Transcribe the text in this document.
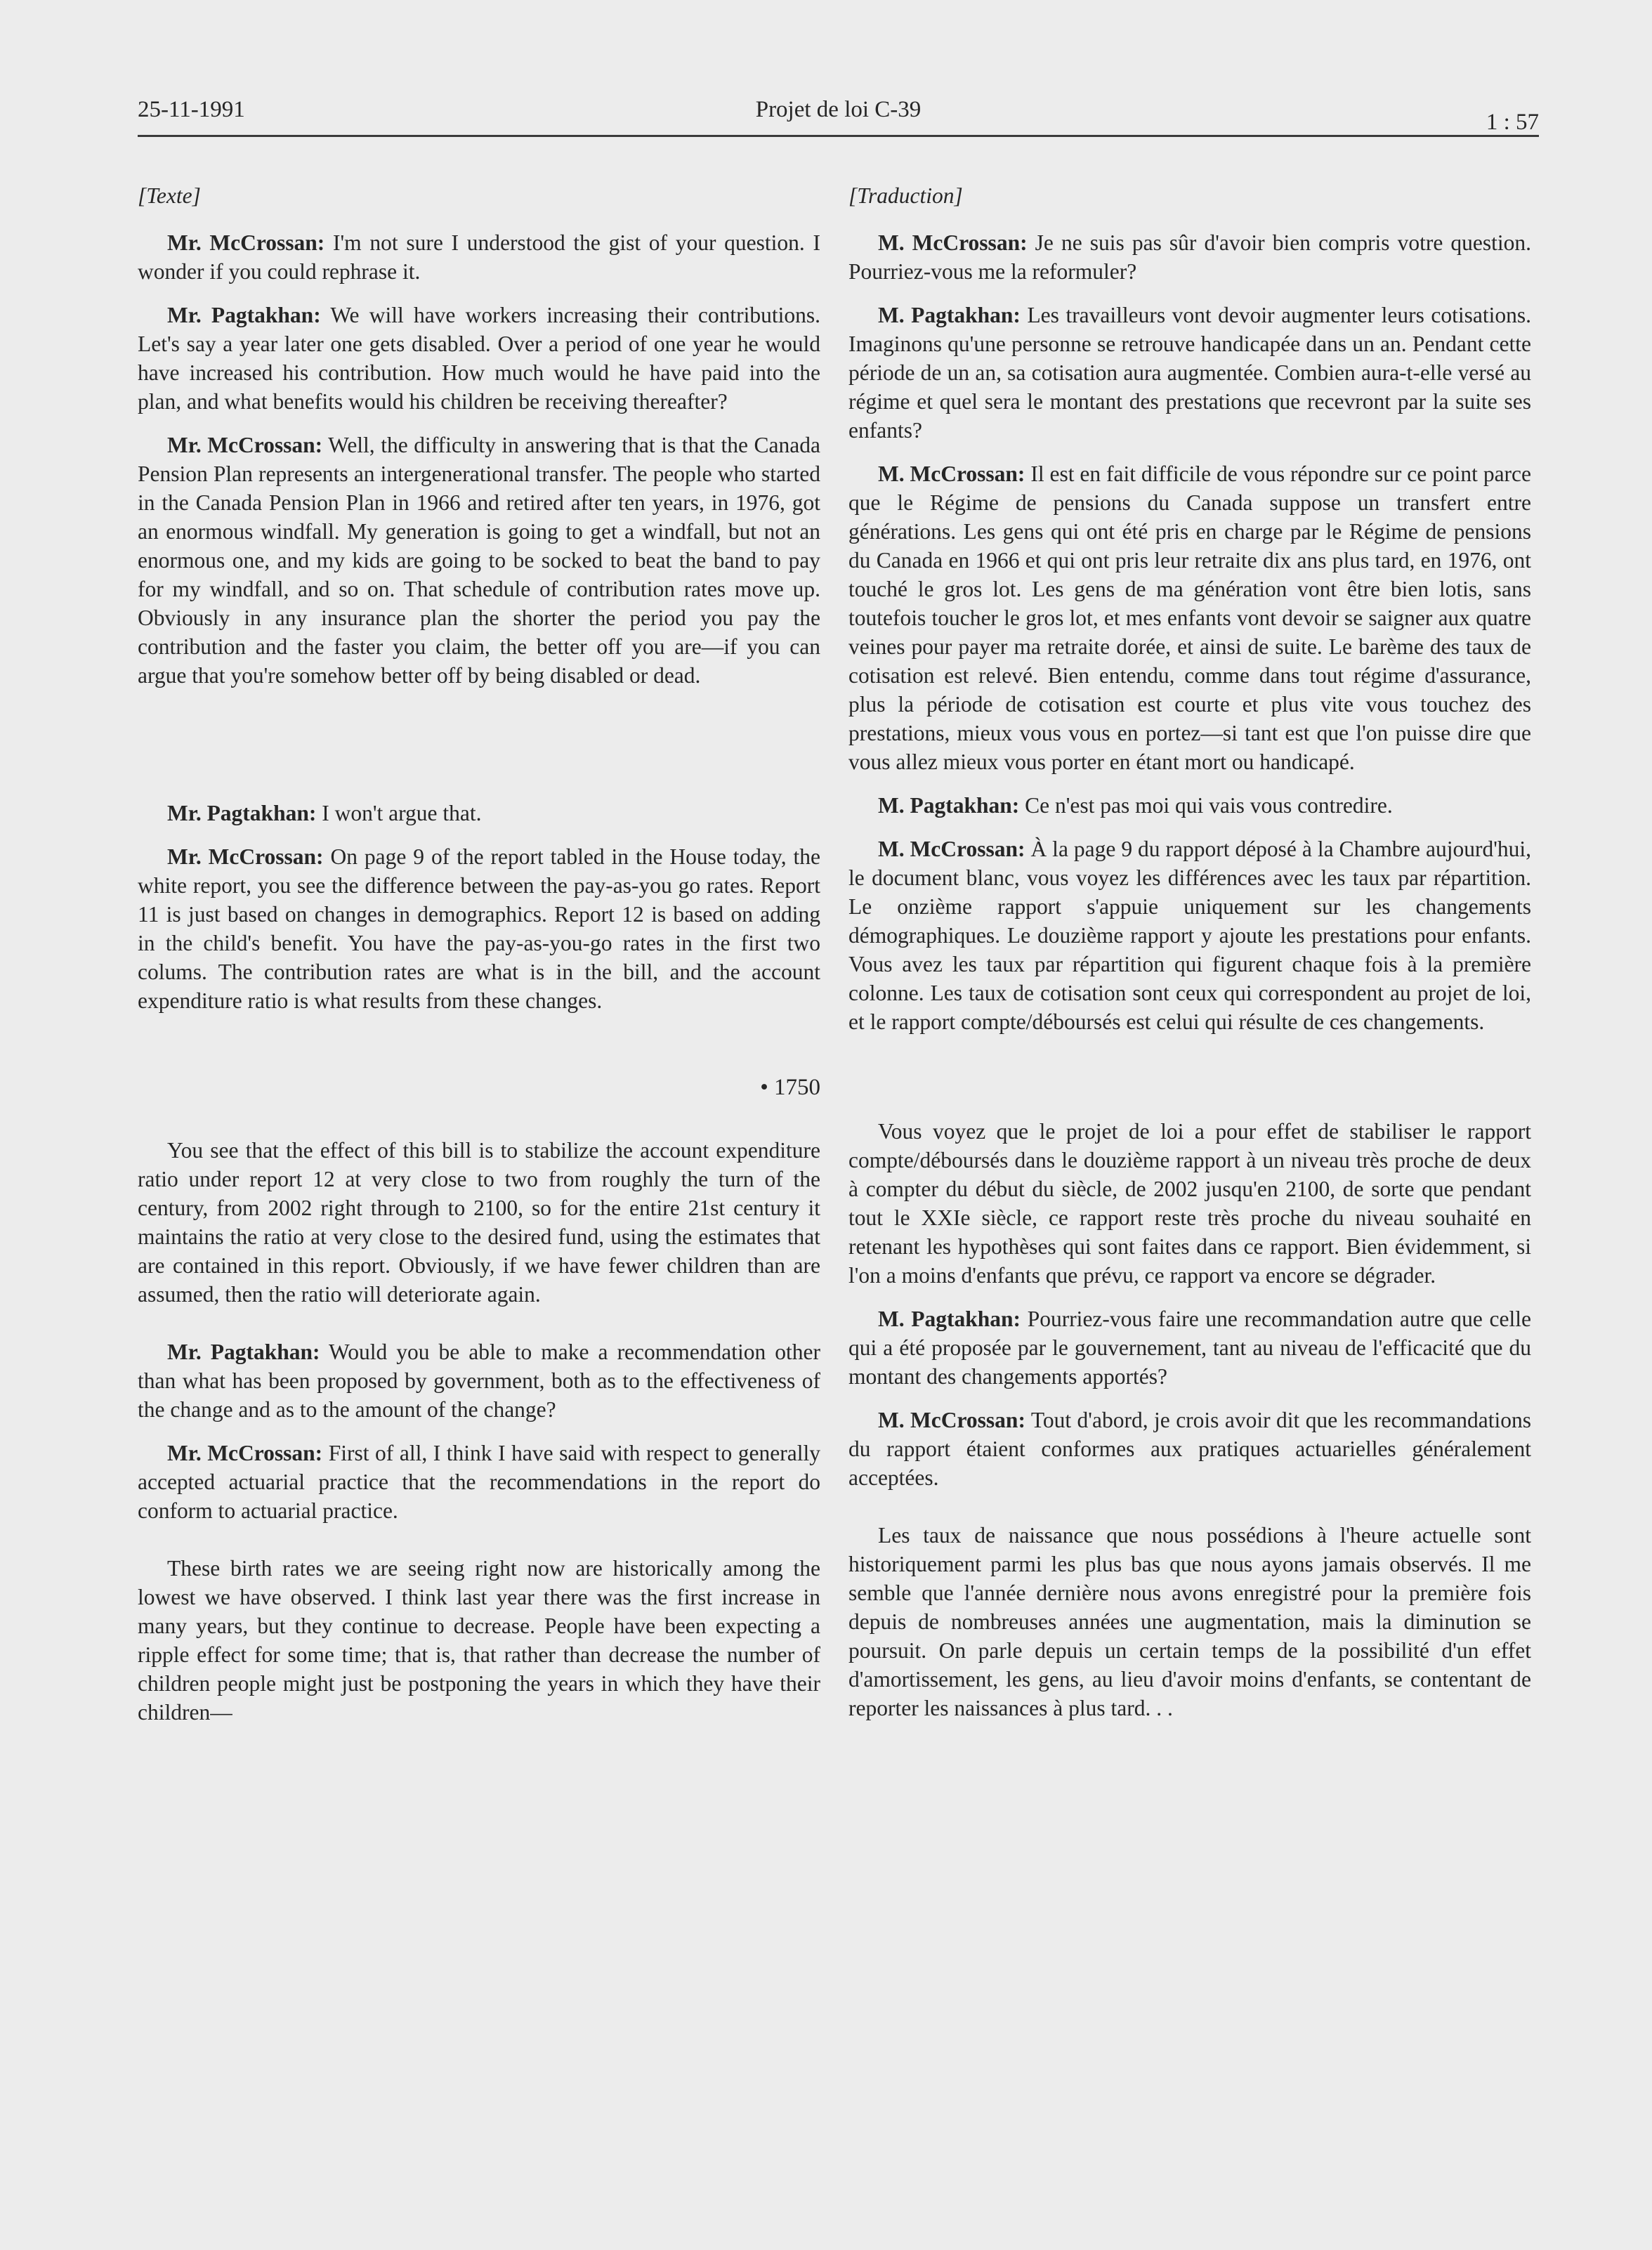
25-11-1991	Projet de loi C-39	1 : 57
[Texte]

Mr. McCrossan: I'm not sure I understood the gist of your question. I wonder if you could rephrase it.

Mr. Pagtakhan: We will have workers increasing their contributions. Let's say a year later one gets disabled. Over a period of one year he would have increased his contribution. How much would he have paid into the plan, and what benefits would his children be receiving thereafter?

Mr. McCrossan: Well, the difficulty in answering that is that the Canada Pension Plan represents an intergenerational transfer. The people who started in the Canada Pension Plan in 1966 and retired after ten years, in 1976, got an enormous windfall. My generation is going to get a windfall, but not an enormous one, and my kids are going to be socked to beat the band to pay for my windfall, and so on. That schedule of contribution rates move up. Obviously in any insurance plan the shorter the period you pay the contribution and the faster you claim, the better off you are—if you can argue that you're somehow better off by being disabled or dead.

Mr. Pagtakhan: I won't argue that.

Mr. McCrossan: On page 9 of the report tabled in the House today, the white report, you see the difference between the pay-as-you go rates. Report 11 is just based on changes in demographics. Report 12 is based on adding in the child's benefit. You have the pay-as-you-go rates in the first two colums. The contribution rates are what is in the bill, and the account expenditure ratio is what results from these changes.

• 1750

You see that the effect of this bill is to stabilize the account expenditure ratio under report 12 at very close to two from roughly the turn of the century, from 2002 right through to 2100, so for the entire 21st century it maintains the ratio at very close to the desired fund, using the estimates that are contained in this report. Obviously, if we have fewer children than are assumed, then the ratio will deteriorate again.

Mr. Pagtakhan: Would you be able to make a recommendation other than what has been proposed by government, both as to the effectiveness of the change and as to the amount of the change?

Mr. McCrossan: First of all, I think I have said with respect to generally accepted actuarial practice that the recommendations in the report do conform to actuarial practice.

These birth rates we are seeing right now are historically among the lowest we have observed. I think last year there was the first increase in many years, but they continue to decrease. People have been expecting a ripple effect for some time; that is, that rather than decrease the number of children people might just be postponing the years in which they have their children—

[Traduction]

M. McCrossan: Je ne suis pas sûr d'avoir bien compris votre question. Pourriez-vous me la reformuler?

M. Pagtakhan: Les travailleurs vont devoir augmenter leurs cotisations. Imaginons qu'une personne se retrouve handicapée dans un an. Pendant cette période de un an, sa cotisation aura augmentée. Combien aura-t-elle versé au régime et quel sera le montant des prestations que recevront par la suite ses enfants?

M. McCrossan: Il est en fait difficile de vous répondre sur ce point parce que le Régime de pensions du Canada suppose un transfert entre générations. Les gens qui ont été pris en charge par le Régime de pensions du Canada en 1966 et qui ont pris leur retraite dix ans plus tard, en 1976, ont touché le gros lot. Les gens de ma génération vont être bien lotis, sans toutefois toucher le gros lot, et mes enfants vont devoir se saigner aux quatre veines pour payer ma retraite dorée, et ainsi de suite. Le barème des taux de cotisation est relevé. Bien entendu, comme dans tout régime d'assurance, plus la période de cotisation est courte et plus vite vous touchez des prestations, mieux vous vous en portez—si tant est que l'on puisse dire que vous allez mieux vous porter en étant mort ou handicapé.

M. Pagtakhan: Ce n'est pas moi qui vais vous contredire.

M. McCrossan: À la page 9 du rapport déposé à la Chambre aujourd'hui, le document blanc, vous voyez les différences avec les taux par répartition. Le onzième rapport s'appuie uniquement sur les changements démographiques. Le douzième rapport y ajoute les prestations pour enfants. Vous avez les taux par répartition qui figurent chaque fois à la première colonne. Les taux de cotisation sont ceux qui correspondent au projet de loi, et le rapport compte/déboursés est celui qui résulte de ces changements.

Vous voyez que le projet de loi a pour effet de stabiliser le rapport compte/déboursés dans le douzième rapport à un niveau très proche de deux à compter du début du siècle, de 2002 jusqu'en 2100, de sorte que pendant tout le XXIe siècle, ce rapport reste très proche du niveau souhaité en retenant les hypothèses qui sont faites dans ce rapport. Bien évidemment, si l'on a moins d'enfants que prévu, ce rapport va encore se dégrader.

M. Pagtakhan: Pourriez-vous faire une recommandation autre que celle qui a été proposée par le gouvernement, tant au niveau de l'efficacité que du montant des changements apportés?

M. McCrossan: Tout d'abord, je crois avoir dit que les recommandations du rapport étaient conformes aux pratiques actuarielles généralement acceptées.

Les taux de naissance que nous possédions à l'heure actuelle sont historiquement parmi les plus bas que nous ayons jamais observés. Il me semble que l'année dernière nous avons enregistré pour la première fois depuis de nombreuses années une augmentation, mais la diminution se poursuit. On parle depuis un certain temps de la possibilité d'un effet d'amortissement, les gens, au lieu d'avoir moins d'enfants, se contentant de reporter les naissances à plus tard. . .
